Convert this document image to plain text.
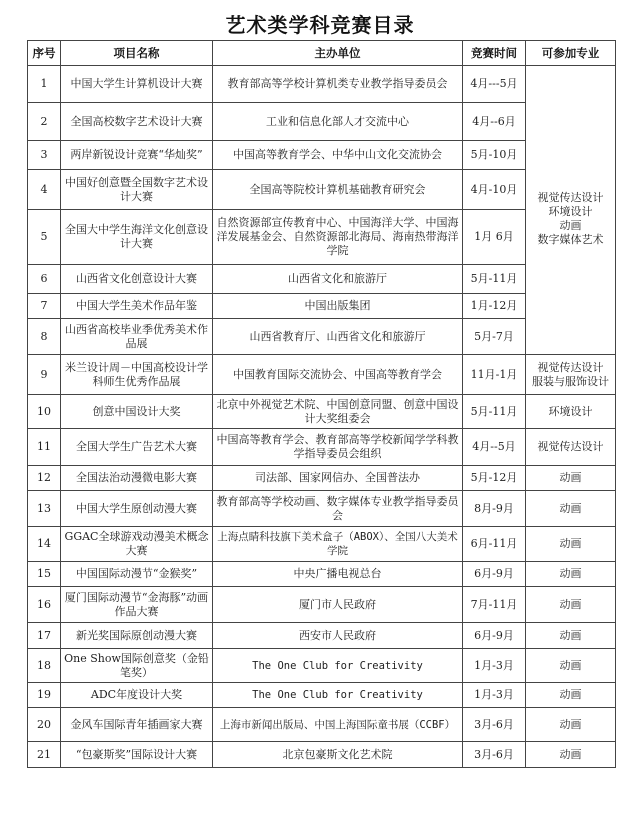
艺术类学科竞赛目录
序号	项目名称	主办单位	竞赛时间	可参加专业
1	中国大学生计算机设计大赛	教育部高等学校计算机类专业教学指导委员会	4月---5月	视觉传达设计
环境设计
动画
数字媒体艺术
2	全国高校数字艺术设计大赛	工业和信息化部人才交流中心	4月--6月	
3	两岸新锐设计竞赛“华灿奖”	中国高等教育学会、中华中山文化交流协会	5月-10月	
4	中国好创意暨全国数字艺术设计大赛	全国高等院校计算机基础教育研究会	4月-10月	
5	全国大中学生海洋文化创意设计大赛	自然资源部宣传教育中心、中国海洋大学、中国海洋发展基金会、自然资源部北海局、海南热带海洋学院	1月 6月	
6	山西省文化创意设计大赛	山西省文化和旅游厅	5月-11月	
7	中国大学生美术作品年鉴	中国出版集团	1月-12月	
8	山西省高校毕业季优秀美术作品展	山西省教育厅、山西省文化和旅游厅	5月-7月	
9	米兰设计周－中国高校设计学科师生优秀作品展	中国教育国际交流协会、中国高等教育学会	11月-1月	视觉传达设计
服装与服饰设计
10	创意中国设计大奖	北京中外视觉艺术院、中国创意同盟、创意中国设计大奖组委会	5月-11月	环境设计
11	全国大学生广告艺术大赛	中国高等教育学会、教育部高等学校新闻学学科教学指导委员会组织	4月--5月	视觉传达设计
12	全国法治动漫微电影大赛	司法部、国家网信办、全国普法办	5月-12月	动画
13	中国大学生原创动漫大赛	教育部高等学校动画、数字媒体专业教学指导委员会	8月-9月	动画
14	GGAC全球游戏动漫美术概念大赛	上海点睛科技旗下美术盒子（ABOX）、全国八大美术学院	6月-11月	动画
15	中国国际动漫节“金猴奖”	中央广播电视总台	6月-9月	动画
16	厦门国际动漫节“金海豚”动画作品大赛	厦门市人民政府	7月-11月	动画
17	新光奖国际原创动漫大赛	西安市人民政府	6月-9月	动画
18	One Show国际创意奖（金铅笔奖）	The One Club for Creativity	1月-3月	动画
19	ADC年度设计大奖	The One Club for Creativity	1月-3月	动画
20	金风车国际青年插画家大赛	上海市新闻出版局、中国上海国际童书展（CCBF）	3月-6月	动画
21	“包豪斯奖”国际设计大赛	北京包豪斯文化艺术院	3月-6月	动画
